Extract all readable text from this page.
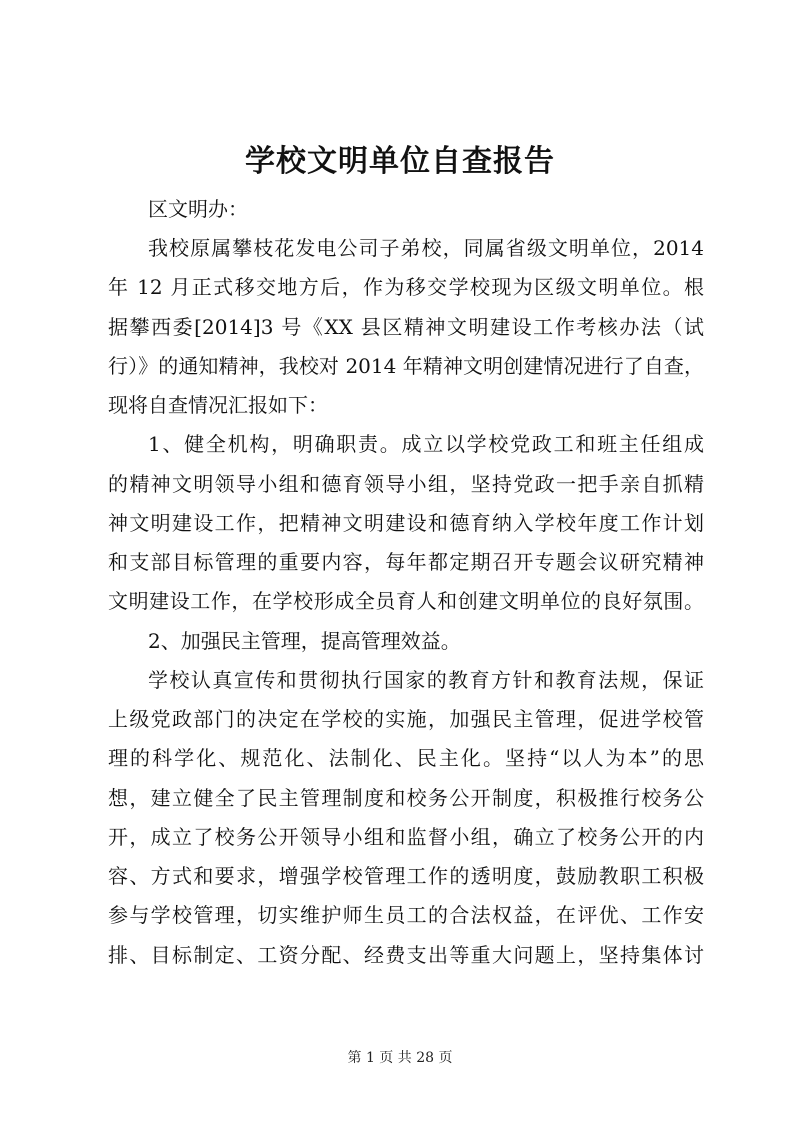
学校文明单位自查报告
区文明办：
我校原属攀枝花发电公司子弟校，同属省级文明单位，2014
年 12 月正式移交地方后，作为移交学校现为区级文明单位。根
据攀西委[2014]3 号《XX 县区精神文明建设工作考核办法（试
行）》的通知精神，我校对 2014 年精神文明创建情况进行了自查，
现将自查情况汇报如下：
1、健全机构，明确职责。成立以学校党政工和班主任组成
的精神文明领导小组和德育领导小组，坚持党政一把手亲自抓精
神文明建设工作，把精神文明建设和德育纳入学校年度工作计划
和支部目标管理的重要内容，每年都定期召开专题会议研究精神
文明建设工作，在学校形成全员育人和创建文明单位的良好氛围。
2、加强民主管理，提高管理效益。
学校认真宣传和贯彻执行国家的教育方针和教育法规，保证
上级党政部门的决定在学校的实施，加强民主管理，促进学校管
理的科学化、规范化、法制化、民主化。坚持“以人为本”的思
想，建立健全了民主管理制度和校务公开制度，积极推行校务公
开，成立了校务公开领导小组和监督小组，确立了校务公开的内
容、方式和要求，增强学校管理工作的透明度，鼓励教职工积极
参与学校管理，切实维护师生员工的合法权益，在评优、工作安
排、目标制定、工资分配、经费支出等重大问题上，坚持集体讨
第 1 页 共 28 页
